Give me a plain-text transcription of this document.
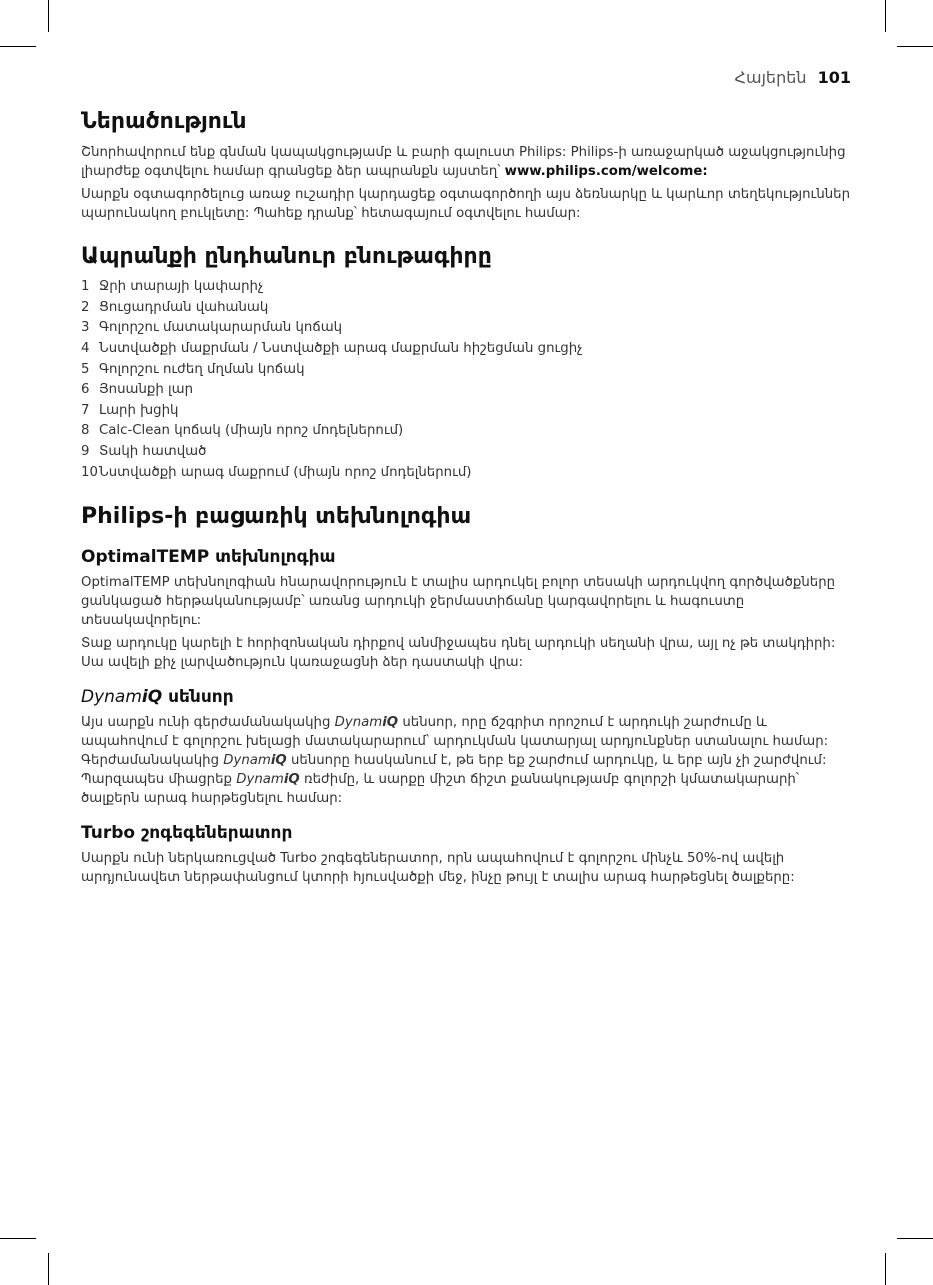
Հայերեն 101
Ներածություն

Շնորհավորում ենք գնման կապակցությամբ և բարի գալուստ Philips: Philips-ի առաջարկած աջակցությունից լիարժեք օգտվելու համար գրանցեք ձեր ապրանքն այստեղ՝ www.philips.com/welcome:

Սարքն օգտագործելուց առաջ ուշադիր կարդացեք օգտագործողի այս ձեռնարկը և կարևոր տեղեկություններ պարունակող բուկլետը: Պահեք դրանք՝ հետագայում օգտվելու համար:

Ապրանքի ընդհանուր բնութագիրը
1 Ջրի տարայի կափարիչ
2 Ցուցադրման վահանակ
3 Գոլորշու մատակարարման կոճակ
4 Նստվածքի մաքրման / Նստվածքի արագ մաքրման հիշեցման ցուցիչ
5 Գոլորշու ուժեղ մղման կոճակ
6 Յոսանքի լար
7 Լարի խցիկ
8 Calc-Clean կոճակ (միայն որոշ մոդելներում)
9 Տակի հատված
10Նստվածքի արագ մաքրում (միայն որոշ մոդելներում)
Philips-ի բացառիկ տեխնոլոգիա
OptimalTEMP տեխնոլոգիա

OptimalTEMP տեխնոլոգիան հնարավորություն է տալիս արդուկել բոլոր տեսակի արդուկվող գործվածքները ցանկացած հերթականությամբ՝ առանց արդուկի ջերմաստիճանը կարգավորելու և հագուստը տեսակավորելու:

Տաք արդուկը կարելի է հորիզոնական դիրքով անմիջապես դնել արդուկի սեղանի վրա, այլ ոչ թե տակդիրի: Սա ավելի քիչ լարվածություն կառաջացնի ձեր դաստակի վրա:

DynamiQ սենսոր

Այս սարքն ունի գերժամանակակից DynamiQ սենսոր, որը ճշգրիտ որոշում է արդուկի շարժումը և ապահովում է գոլորշու խելացի մատակարարում՝ արդուկման կատարյալ արդյունքներ ստանալու համար: Գերժամանակակից DynamiQ սենսորը հասկանում է, թե երբ եք շարժում արդուկը, և երբ այն չի շարժվում: Պարզապես միացրեք DynamiQ ռեժիմը, և սարքը միշտ ճիշտ քանակությամբ գոլորշի կմատակարարի՝ ծալքերն արագ հարթեցնելու համար:

Turbo շոգեգեներատոր

Սարքն ունի ներկառուցված Turbo շոգեգեներատոր, որն ապահովում է գոլորշու մինչև 50%-ով ավելի արդյունավետ ներթափանցում կտորի հյուսվածքի մեջ, ինչը թույլ է տալիս արագ հարթեցնել ծալքերը:
